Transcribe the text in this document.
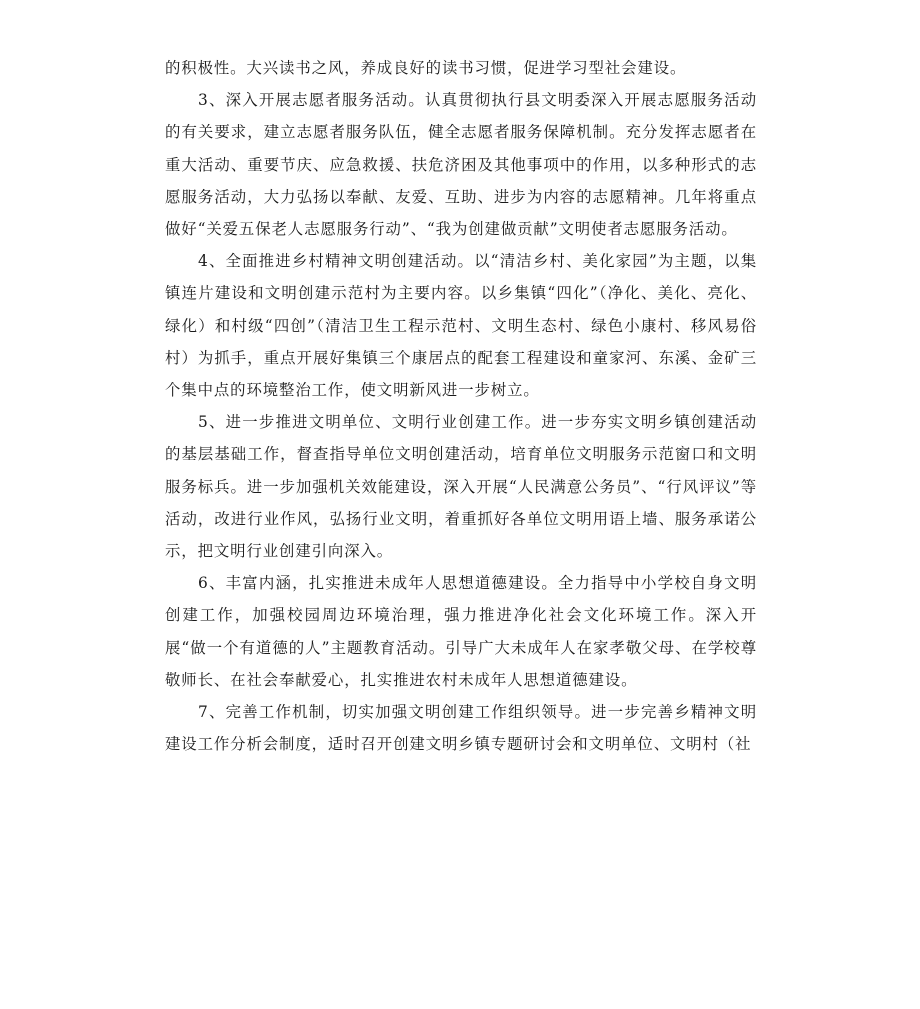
的积极性。大兴读书之风，养成良好的读书习惯，促进学习型社会建设。

3、深入开展志愿者服务活动。认真贯彻执行县文明委深入开展志愿服务活动的有关要求，建立志愿者服务队伍，健全志愿者服务保障机制。充分发挥志愿者在重大活动、重要节庆、应急救援、扶危济困及其他事项中的作用，以多种形式的志愿服务活动，大力弘扬以奉献、友爱、互助、进步为内容的志愿精神。几年将重点做好“关爱五保老人志愿服务行动”、“我为创建做贡献”文明使者志愿服务活动。

4、全面推进乡村精神文明创建活动。以“清洁乡村、美化家园”为主题，以集镇连片建设和文明创建示范村为主要内容。以乡集镇“四化”（净化、美化、亮化、绿化）和村级“四创”（清洁卫生工程示范村、文明生态村、绿色小康村、移风易俗村）为抓手，重点开展好集镇三个康居点的配套工程建设和童家河、东溪、金矿三个集中点的环境整治工作，使文明新风进一步树立。

5、进一步推进文明单位、文明行业创建工作。进一步夯实文明乡镇创建活动的基层基础工作，督查指导单位文明创建活动，培育单位文明服务示范窗口和文明服务标兵。进一步加强机关效能建设，深入开展“人民满意公务员”、“行风评议”等活动，改进行业作风，弘扬行业文明，着重抓好各单位文明用语上墙、服务承诺公示，把文明行业创建引向深入。

6、丰富内涵，扎实推进未成年人思想道德建设。全力指导中小学校自身文明创建工作，加强校园周边环境治理，强力推进净化社会文化环境工作。深入开展“做一个有道德的人”主题教育活动。引导广大未成年人在家孝敬父母、在学校尊敬师长、在社会奉献爱心，扎实推进农村未成年人思想道德建设。

7、完善工作机制，切实加强文明创建工作组织领导。进一步完善乡精神文明建设工作分析会制度，适时召开创建文明乡镇专题研讨会和文明单位、文明村（社
